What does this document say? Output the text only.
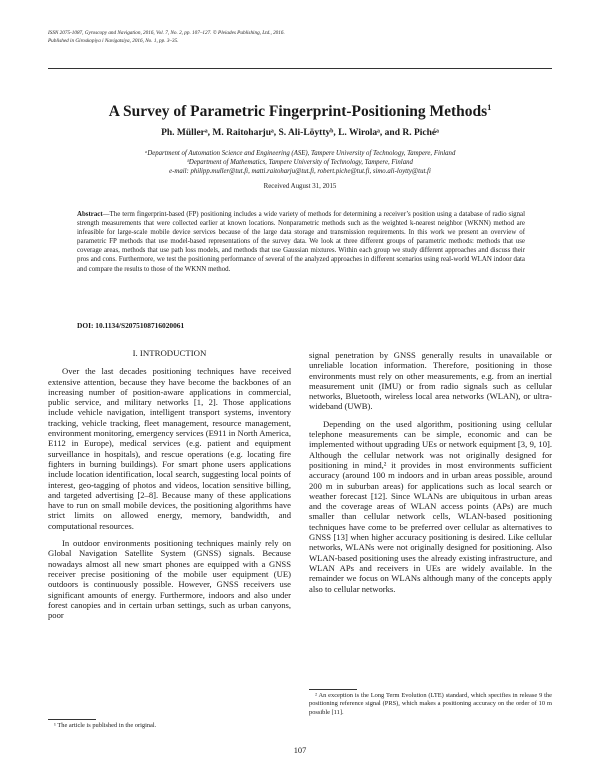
ISSN 2075-1087, Gyroscopy and Navigation, 2016, Vol. 7, No. 2, pp. 107–127. © Pleiades Publishing, Ltd., 2016.
Published in Giroskopiya i Navigatsiya, 2016, No. 1, pp. 3–35.
A Survey of Parametric Fingerprint-Positioning Methods$^1$
Ph. Müllerᵃ, M. Raitoharjuᵃ, S. Ali-Löyttyᵇ, L. Wirolaᵃ, and R. Pichéᵃ
ᵃDepartment of Automation Science and Engineering (ASE), Tampere University of Technology, Tampere, Finland
ᵇDepartment of Mathematics, Tampere University of Technology, Tampere, Finland
e-mail: philipp.muller@tut.fi, matti.raitoharju@tut.fi, robert.piche@tut.fi, simo.ali-loytty@tut.fi
Received August 31, 2015
Abstract—The term fingerprint-based (FP) positioning includes a wide variety of methods for determining a receiver’s position using a database of radio signal strength measurements that were collected earlier at known locations. Nonparametric methods such as the weighted k-nearest neighbor (WKNN) method are infeasible for large-scale mobile device services because of the large data storage and transmission requirements. In this work we present an overview of parametric FP methods that use model-based representations of the survey data. We look at three different groups of parametric methods: methods that use coverage areas, methods that use path loss models, and methods that use Gaussian mixtures. Within each group we study different approaches and discuss their pros and cons. Furthermore, we test the positioning performance of several of the analyzed approaches in different scenarios using real-world WLAN indoor data and compare the results to those of the WKNN method.
DOI: 10.1134/S2075108716020061
I. INTRODUCTION

Over the last decades positioning techniques have received extensive attention, because they have become the backbones of an increasing number of position-aware applications in commercial, public service, and military networks [1, 2]. Those applications include vehicle navigation, intelligent transport systems, inventory tracking, vehicle tracking, fleet management, resource management, environment monitoring, emergency services (E911 in North America, E112 in Europe), medical services (e.g. patient and equipment surveillance in hospitals), and rescue operations (e.g. locating fire fighters in burning buildings). For smart phone users applications include location identification, local search, suggesting local points of interest, geo-tagging of photos and videos, location sensitive billing, and targeted advertising [2–8]. Because many of these applications have to run on small mobile devices, the positioning algorithms have strict limits on allowed energy, memory, bandwidth, and computational resources.

In outdoor environments positioning techniques mainly rely on Global Navigation Satellite System (GNSS) signals. Because nowadays almost all new smart phones are equipped with a GNSS receiver precise positioning of the mobile user equipment (UE) outdoors is continuously possible. However, GNSS receivers use significant amounts of energy. Furthermore, indoors and also under forest canopies and in certain urban settings, such as urban canyons, poor

signal penetration by GNSS generally results in unavailable or unreliable location information. Therefore, positioning in those environments must rely on other measurements, e.g. from an inertial measurement unit (IMU) or from radio signals such as cellular networks, Bluetooth, wireless local area networks (WLAN), or ultra-wideband (UWB).

Depending on the used algorithm, positioning using cellular telephone measurements can be simple, economic and can be implemented without upgrading UEs or network equipment [3, 9, 10]. Although the cellular network was not originally designed for positioning in mind,² it provides in most environments sufficient accuracy (around 100 m indoors and in urban areas possible, around 200 m in suburban areas) for applications such as local search or weather forecast [12]. Since WLANs are ubiquitous in urban areas and the coverage areas of WLAN access points (APs) are much smaller than cellular network cells, WLAN-based positioning techniques have come to be preferred over cellular as alternatives to GNSS [13] when higher accuracy positioning is desired. Like cellular networks, WLANs were not originally designed for positioning. Also WLAN-based positioning uses the already existing infrastructure, and WLAN APs and receivers in UEs are widely available. In the remainder we focus on WLANs although many of the concepts apply also to cellular networks.

¹ The article is published in the original.

² An exception is the Long Term Evolution (LTE) standard, which specifies in release 9 the positioning reference signal (PRS), which makes a positioning accuracy on the order of 10 m possible [11].

107
